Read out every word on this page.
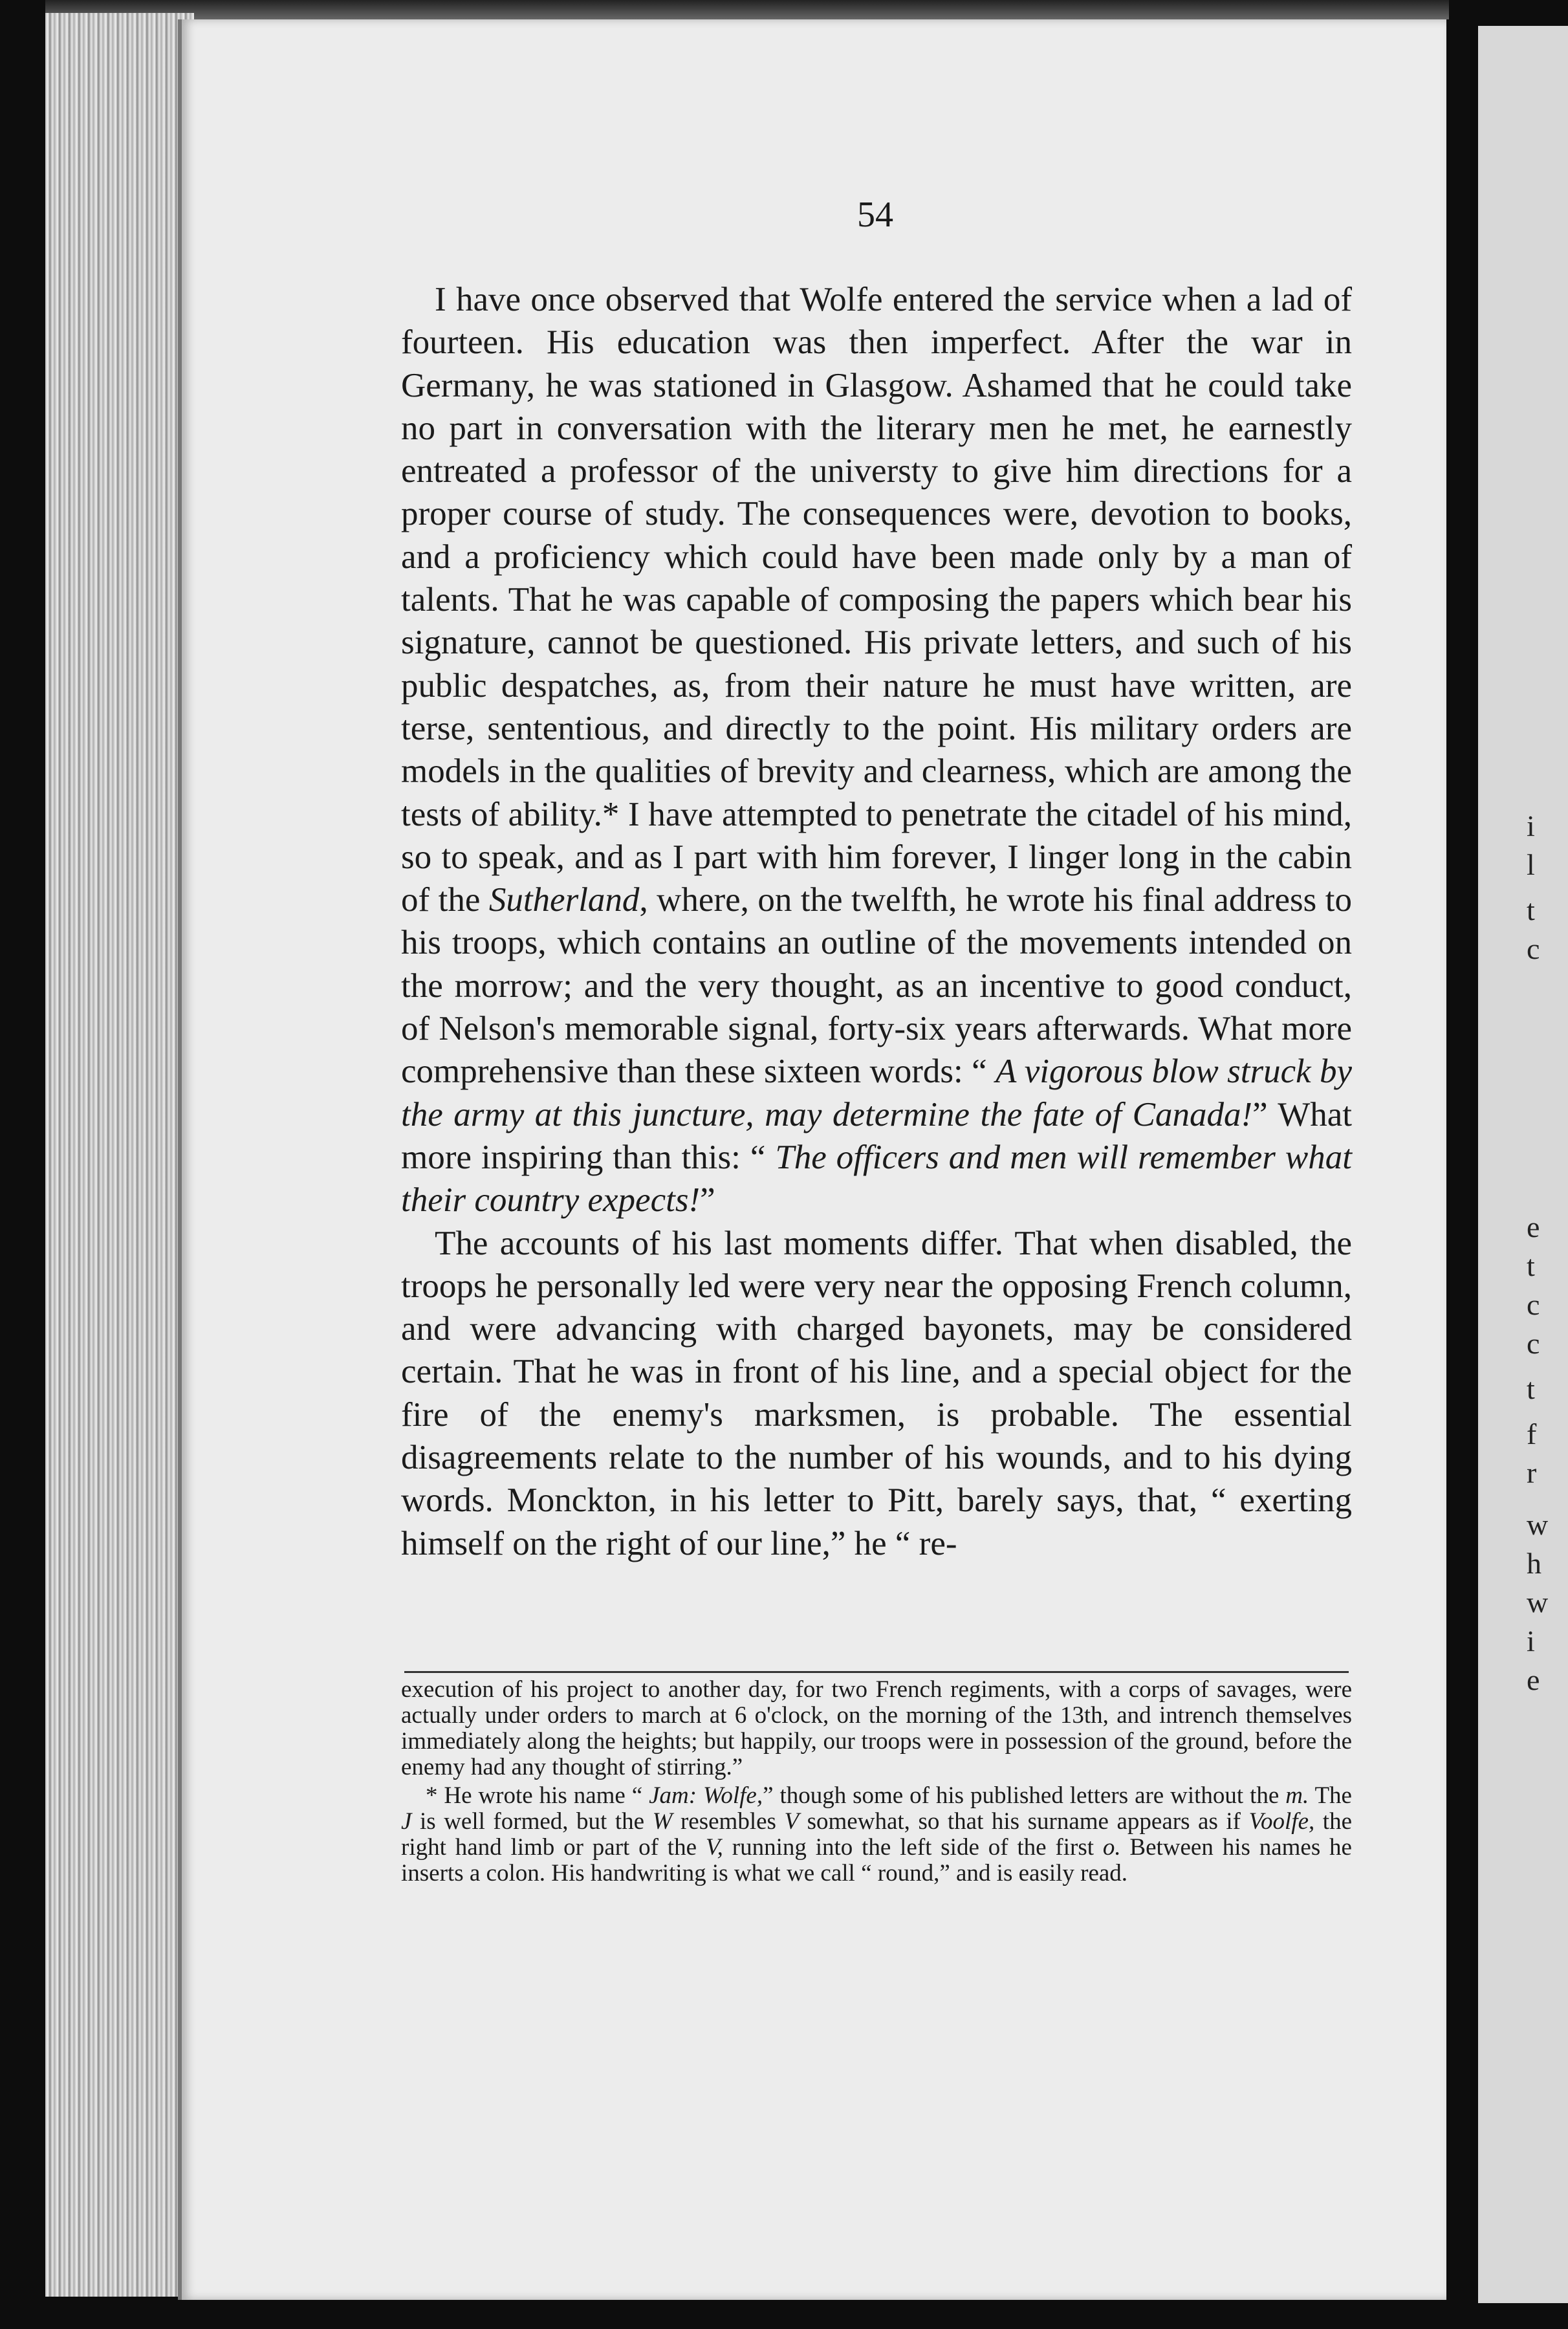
i
l
t
c
e
t
c
c
t
f
r
w
h
w
i
e
54

I have once observed that Wolfe entered the service when a lad of fourteen. His education was then imperfect. After the war in Germany, he was stationed in Glasgow. Ashamed that he could take no part in conversation with the literary men he met, he earnestly entreated a professor of the universty to give him directions for a proper course of study. The consequences were, devotion to books, and a proficiency which could have been made only by a man of talents. That he was capable of composing the papers which bear his signature, cannot be questioned. His private letters, and such of his public despatches, as, from their nature he must have written, are terse, sententious, and directly to the point. His military orders are models in the qualities of brevity and clearness, which are among the tests of ability.* I have attempted to penetrate the citadel of his mind, so to speak, and as I part with him forever, I linger long in the cabin of the Sutherland, where, on the twelfth, he wrote his final address to his troops, which contains an outline of the movements intended on the morrow; and the very thought, as an incentive to good conduct, of Nelson's memorable signal, forty-six years afterwards. What more comprehensive than these sixteen words: “ A vigorous blow struck by the army at this juncture, may determine the fate of Canada!” What more inspiring than this: “ The officers and men will remember what their country expects!”

The accounts of his last moments differ. That when disabled, the troops he personally led were very near the opposing French column, and were advancing with charged bayonets, may be considered certain. That he was in front of his line, and a special object for the fire of the enemy's marksmen, is probable. The essential disagreements relate to the number of his wounds, and to his dying words. Monckton, in his letter to Pitt, barely says, that, “ exerting himself on the right of our line,” he “ re-

execution of his project to another day, for two French regiments, with a corps of savages, were actually under orders to march at 6 o'clock, on the morning of the 13th, and intrench themselves immediately along the heights; but happily, our troops were in possession of the ground, before the enemy had any thought of stirring.”

* He wrote his name “ Jam: Wolfe,” though some of his published letters are without the m. The J is well formed, but the W resembles V somewhat, so that his surname appears as if Voolfe, the right hand limb or part of the V, running into the left side of the first o. Between his names he inserts a colon. His handwriting is what we call “ round,” and is easily read.
